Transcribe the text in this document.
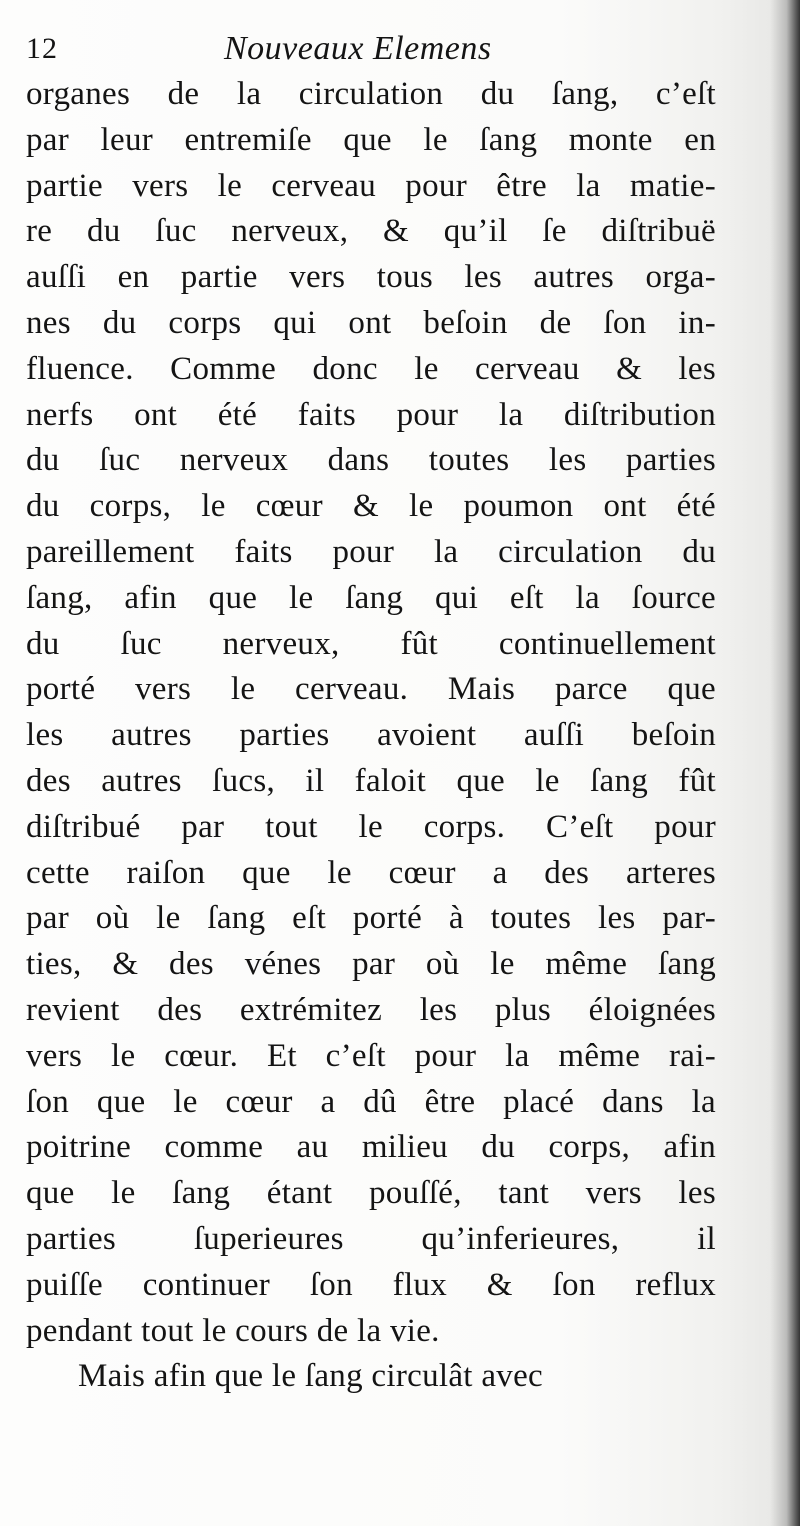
12	Nouveaux Elemens
organes de la circulation du ſang, c’eſt
par leur entremiſe que le ſang monte en
partie vers le cerveau pour être la matie-
re du ſuc nerveux, & qu’il ſe diſtribuë
auſſi en partie vers tous les autres orga-
nes du corps qui ont beſoin de ſon in-
fluence. Comme donc le cerveau & les
nerfs ont été faits pour la diſtribution
du ſuc nerveux dans toutes les parties
du corps, le cœur & le poumon ont été
pareillement faits pour la circulation du
ſang, afin que le ſang qui eſt la ſource
du ſuc nerveux, fût continuellement
porté vers le cerveau. Mais parce que
les autres parties avoient auſſi beſoin
des autres ſucs, il faloit que le ſang fût
diſtribué par tout le corps. C’eſt pour
cette raiſon que le cœur a des arteres
par où le ſang eſt porté à toutes les par-
ties, & des vénes par où le même ſang
revient des extrémitez les plus éloignées
vers le cœur. Et c’eſt pour la même rai-
ſon que le cœur a dû être placé dans la
poitrine comme au milieu du corps, afin
que le ſang étant pouſſé, tant vers les
parties ſuperieures qu’inferieures, il
puiſſe continuer ſon flux & ſon reflux
pendant tout le cours de la vie.
Mais afin que le ſang circulât avec
